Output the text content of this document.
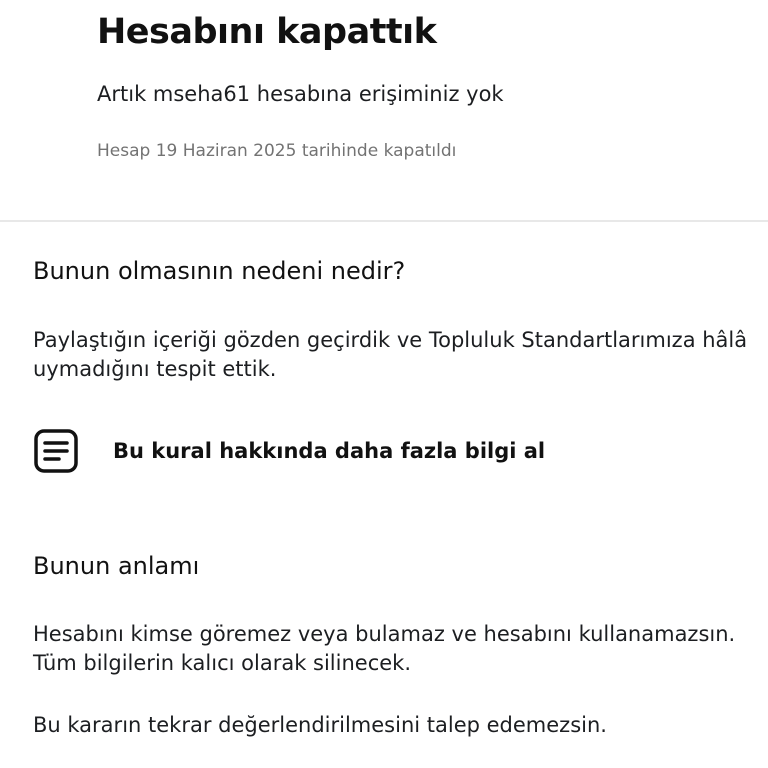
Hesabını kapattık
Artık mseha61 hesabına erişiminiz yok
Hesap 19 Haziran 2025 tarihinde kapatıldı
Bunun olmasının nedeni nedir?
Paylaştığın içeriği gözden geçirdik ve Topluluk Standartlarımıza hâlâ uymadığını tespit ettik.
Bu kural hakkında daha fazla bilgi al
Bunun anlamı
Hesabını kimse göremez veya bulamaz ve hesabını kullanamazsın. Tüm bilgilerin kalıcı olarak silinecek.
Bu kararın tekrar değerlendirilmesini talep edemezsin.
